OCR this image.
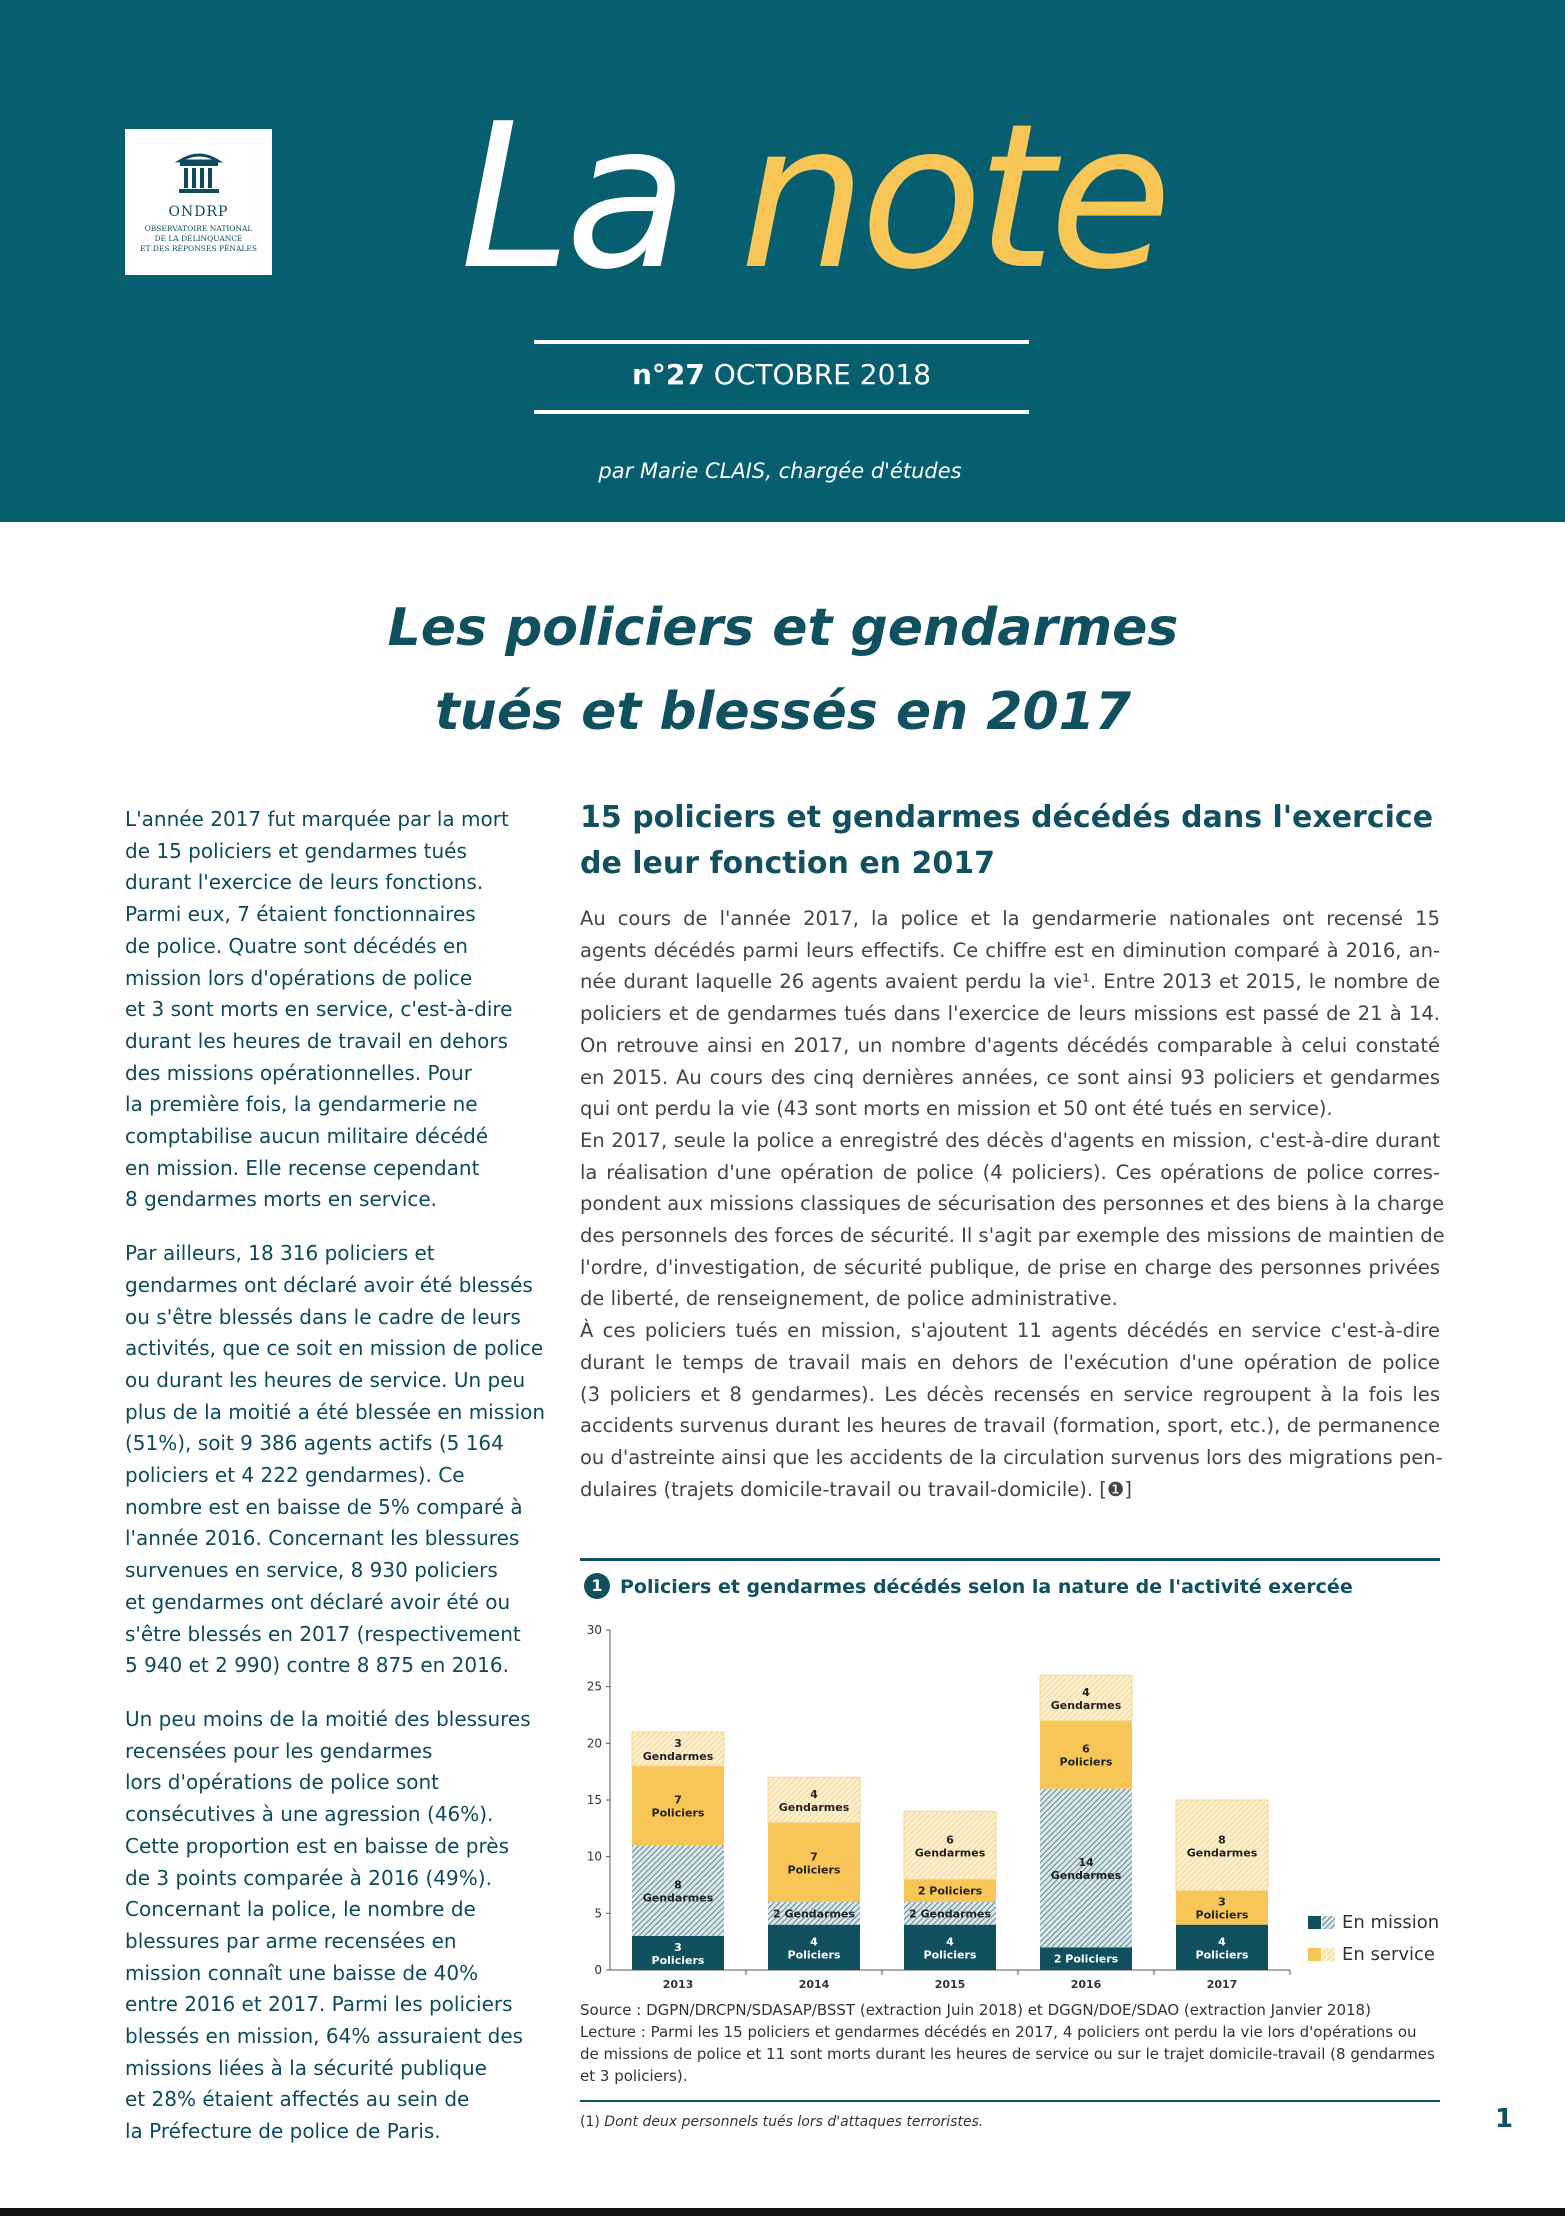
ONDRP
OBSERVATOIRE NATIONAL
DE LA DÉLINQUANCE
ET DES RÉPONSES PÉNALES La note
n°27 OCTOBRE 2018
par Marie CLAIS, chargée d'études
Les policiers et gendarmes
tués et blessés en 2017

L'année 2017 fut marquée par la mort
de 15 policiers et gendarmes tués
durant l'exercice de leurs fonctions.
Parmi eux, 7 étaient fonctionnaires
de police. Quatre sont décédés en
mission lors d'opérations de police
et 3 sont morts en service, c'est-à-dire
durant les heures de travail en dehors
des missions opérationnelles. Pour
la première fois, la gendarmerie ne
comptabilise aucun militaire décédé
en mission. Elle recense cependant
8 gendarmes morts en service.

Par ailleurs, 18 316 policiers et
gendarmes ont déclaré avoir été blessés
ou s'être blessés dans le cadre de leurs
activités, que ce soit en mission de police
ou durant les heures de service. Un peu
plus de la moitié a été blessée en mission
(51%), soit 9 386 agents actifs (5 164
policiers et 4 222 gendarmes). Ce
nombre est en baisse de 5% comparé à
l'année 2016. Concernant les blessures
survenues en service, 8 930 policiers
et gendarmes ont déclaré avoir été ou
s'être blessés en 2017 (respectivement
5 940 et 2 990) contre 8 875 en 2016.

Un peu moins de la moitié des blessures
recensées pour les gendarmes
lors d'opérations de police sont
consécutives à une agression (46%).
Cette proportion est en baisse de près
de 3 points comparée à 2016 (49%).
Concernant la police, le nombre de
blessures par arme recensées en
mission connaît une baisse de 40%
entre 2016 et 2017. Parmi les policiers
blessés en mission, 64% assuraient des
missions liées à la sécurité publique
et 28% étaient affectés au sein de
la Préfecture de police de Paris.

15 policiers et gendarmes décédés dans l'exercice
de leur fonction en 2017
Au cours de l'année 2017, la police et la gendarmerie nationales ont recensé 15
agents décédés parmi leurs effectifs. Ce chiffre est en diminution comparé à 2016, an-
née durant laquelle 26 agents avaient perdu la vie¹. Entre 2013 et 2015, le nombre de
policiers et de gendarmes tués dans l'exercice de leurs missions est passé de 21 à 14.
On retrouve ainsi en 2017, un nombre d'agents décédés comparable à celui constaté
en 2015. Au cours des cinq dernières années, ce sont ainsi 93 policiers et gendarmes
qui ont perdu la vie (43 sont morts en mission et 50 ont été tués en service).
En 2017, seule la police a enregistré des décès d'agents en mission, c'est-à-dire durant
la réalisation d'une opération de police (4 policiers). Ces opérations de police corres-
pondent aux missions classiques de sécurisation des personnes et des biens à la charge
des personnels des forces de sécurité. Il s'agit par exemple des missions de maintien de
l'ordre, d'investigation, de sécurité publique, de prise en charge des personnes privées
de liberté, de renseignement, de police administrative.
À ces policiers tués en mission, s'ajoutent 11 agents décédés en service c'est-à-dire
durant le temps de travail mais en dehors de l'exécution d'une opération de police
(3 policiers et 8 gendarmes). Les décès recensés en service regroupent à la fois les
accidents survenus durant les heures de travail (formation, sport, etc.), de permanence
ou d'astreinte ainsi que les accidents de la circulation survenus lors des migrations pen-
dulaires (trajets domicile-travail ou travail-domicile). [❶]
1 Policiers et gendarmes décédés selon la nature de l'activité exercée
0
5
10
15
20
25
30
2013	2014	2015	2016	2017
3
Policiers
8
Gendarmes
7
Policiers
3
Gendarmes
4
Policiers
2 Gendarmes
7
Policiers
4
Gendarmes
4
Policiers
2 Gendarmes
2 Policiers
6
Gendarmes
2 Policiers
14
Gendarmes
6
Policiers
4
Gendarmes
4
Policiers
3
Policiers
8
Gendarmes
En mission
En service
Source : DGPN/DRCPN/SDASAP/BSST (extraction Juin 2018) et DGGN/DOE/SDAO (extraction Janvier 2018)
Lecture : Parmi les 15 policiers et gendarmes décédés en 2017, 4 policiers ont perdu la vie lors d'opérations ou
de missions de police et 11 sont morts durant les heures de service ou sur le trajet domicile-travail (8 gendarmes
et 3 policiers).
(1) Dont deux personnels tués lors d'attaques terroristes.	1
